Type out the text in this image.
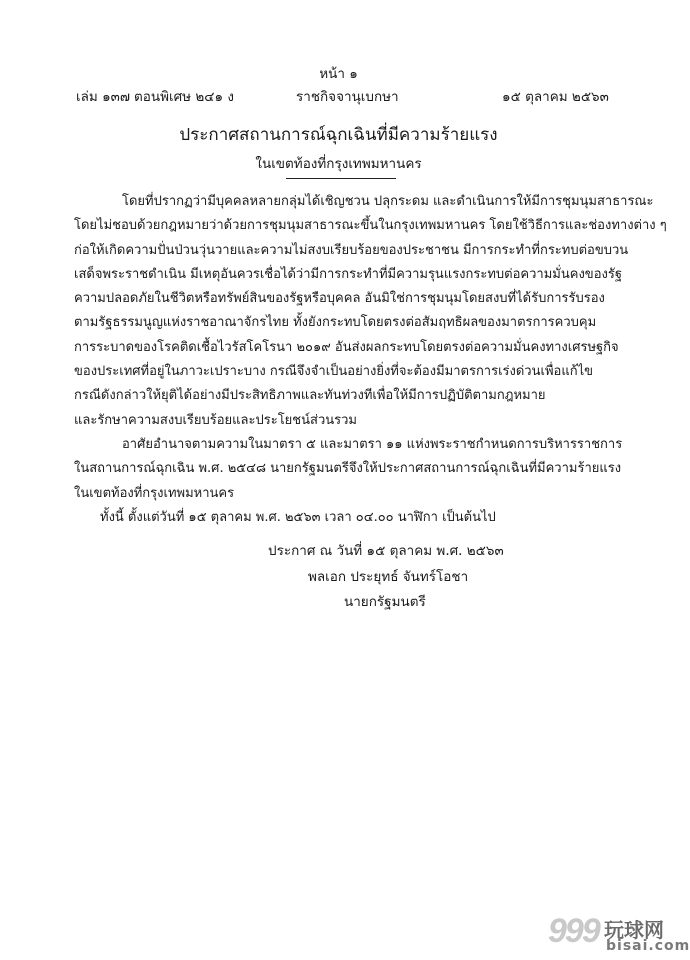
หน้า ๑
เล่ม ๑๓๗ ตอนพิเศษ ๒๔๑ ง	ราชกิจจานุเบกษา	๑๕ ตุลาคม ๒๕๖๓
ประกาศสถานการณ์ฉุกเฉินที่มีความร้ายแรง
ในเขตท้องที่กรุงเทพมหานคร
โดยที่ปรากฏว่ามีบุคคลหลายกลุ่มได้เชิญชวน ปลุกระดม และดำเนินการให้มีการชุมนุมสาธารณะ
โดยไม่ชอบด้วยกฎหมายว่าด้วยการชุมนุมสาธารณะขึ้นในกรุงเทพมหานคร โดยใช้วิธีการและช่องทางต่าง ๆ
ก่อให้เกิดความปั่นป่วนวุ่นวายและความไม่สงบเรียบร้อยของประชาชน มีการกระทำที่กระทบต่อขบวน
เสด็จพระราชดำเนิน มีเหตุอันควรเชื่อได้ว่ามีการกระทำที่มีความรุนแรงกระทบต่อความมั่นคงของรัฐ
ความปลอดภัยในชีวิตหรือทรัพย์สินของรัฐหรือบุคคล อันมิใช่การชุมนุมโดยสงบที่ได้รับการรับรอง
ตามรัฐธรรมนูญแห่งราชอาณาจักรไทย ทั้งยังกระทบโดยตรงต่อสัมฤทธิผลของมาตรการควบคุม
การระบาดของโรคติดเชื้อไวรัสโคโรนา ๒๐๑๙ อันส่งผลกระทบโดยตรงต่อความมั่นคงทางเศรษฐกิจ
ของประเทศที่อยู่ในภาวะเปราะบาง กรณีจึงจำเป็นอย่างยิ่งที่จะต้องมีมาตรการเร่งด่วนเพื่อแก้ไข
กรณีดังกล่าวให้ยุติได้อย่างมีประสิทธิภาพและทันท่วงทีเพื่อให้มีการปฏิบัติตามกฎหมาย
และรักษาความสงบเรียบร้อยและประโยชน์ส่วนรวม
อาศัยอำนาจตามความในมาตรา ๕ และมาตรา ๑๑ แห่งพระราชกำหนดการบริหารราชการ
ในสถานการณ์ฉุกเฉิน พ.ศ. ๒๕๔๘ นายกรัฐมนตรีจึงให้ประกาศสถานการณ์ฉุกเฉินที่มีความร้ายแรง
ในเขตท้องที่กรุงเทพมหานคร
ทั้งนี้ ตั้งแต่วันที่ ๑๕ ตุลาคม พ.ศ. ๒๕๖๓ เวลา ๐๔.๐๐ นาฬิกา เป็นต้นไป
ประกาศ ณ วันที่ ๑๕ ตุลาคม พ.ศ. ๒๕๖๓
พลเอก ประยุทธ์ จันทร์โอชา
นายกรัฐมนตรี
999 玩球网
bisai.com
